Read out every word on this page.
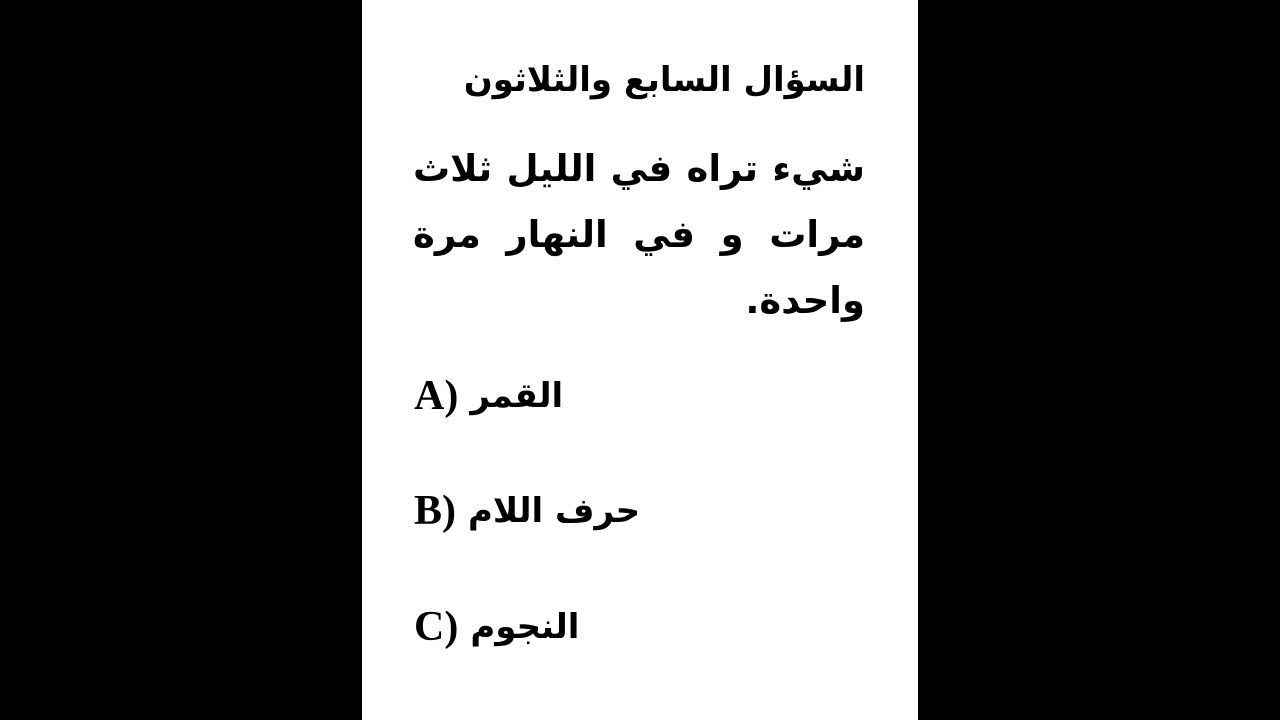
السؤال السابع والثلاثون
شيء تراه في الليل ثلاث مرات و في النهار مرة واحدة.
A) القمر
B) حرف اللام
C) النجوم
